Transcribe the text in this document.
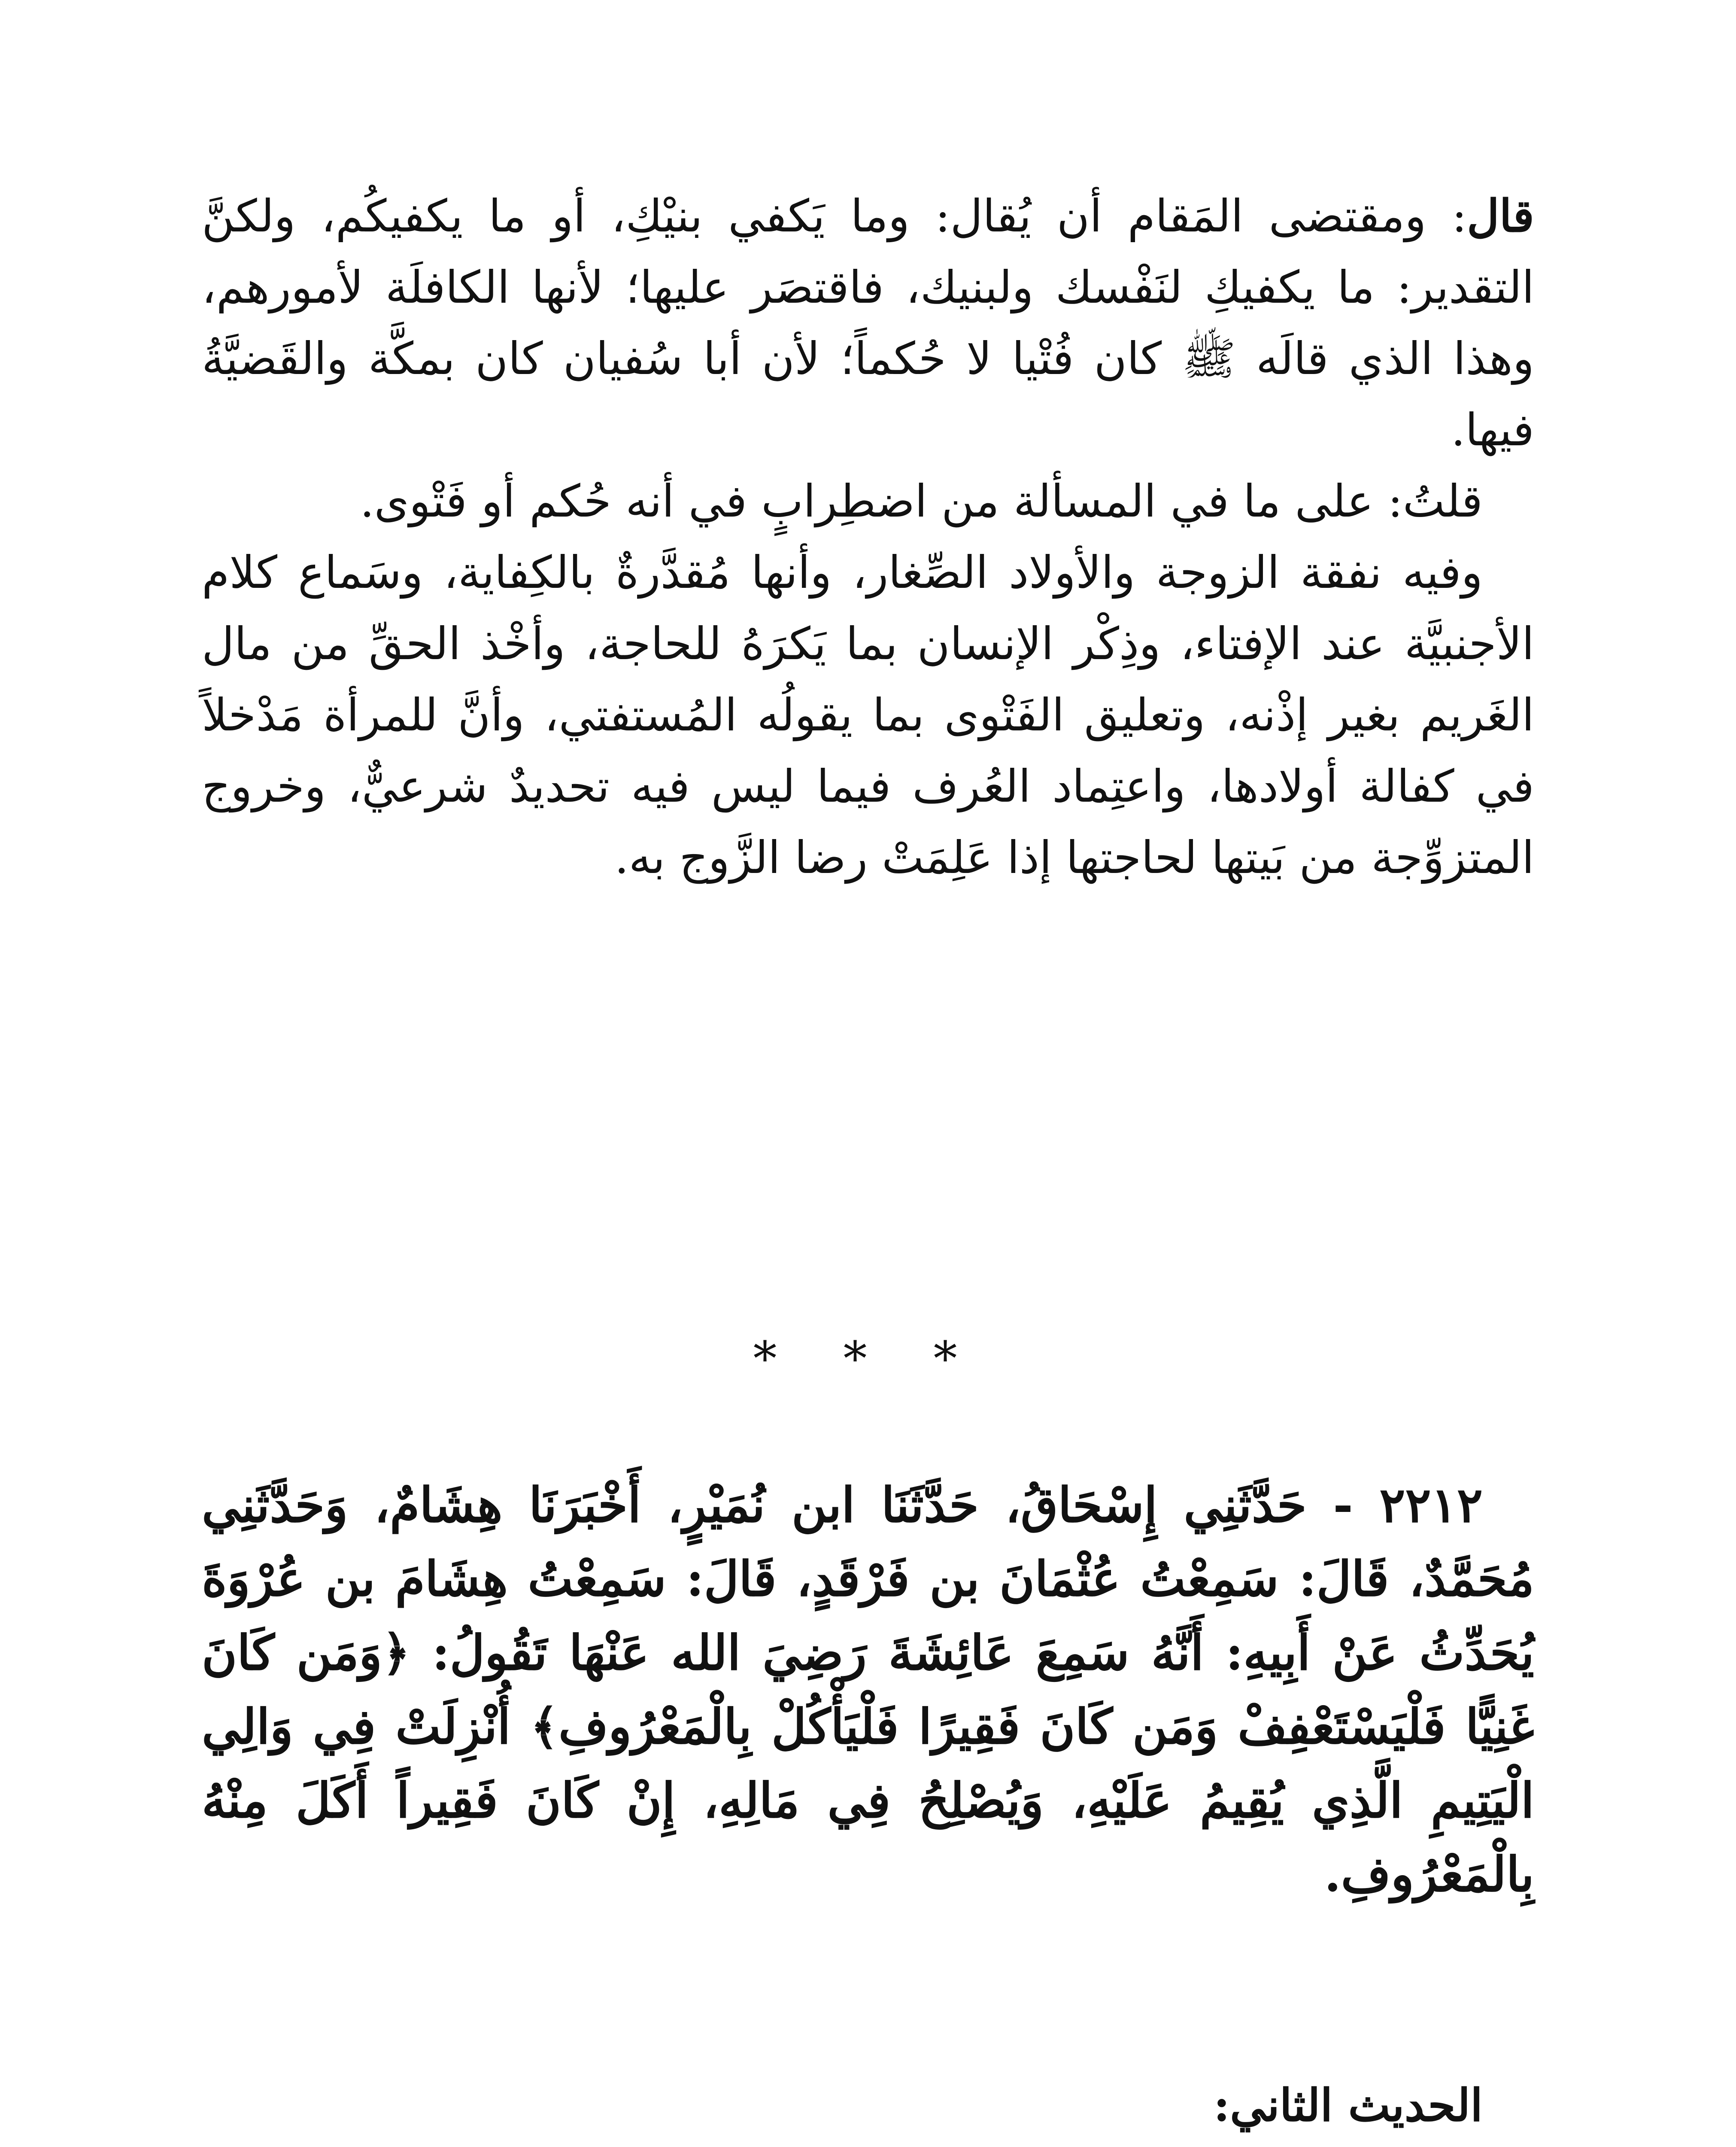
قال: ومقتضى المَقام أن يُقال: وما يَكفي بنيْكِ، أو ما يكفيكُم، ولكنَّ التقدير: ما يكفيكِ لنَفْسك ولبنيك، فاقتصَر عليها؛ لأنها الكافلَة لأمورهم، وهذا الذي قالَه ﷺ كان فُتْيا لا حُكماً؛ لأن أبا سُفيان كان بمكَّة والقَضيَّةُ فيها.

قلتُ: على ما في المسألة من اضطِرابٍ في أنه حُكم أو فَتْوى.

وفيه نفقة الزوجة والأولاد الصِّغار، وأنها مُقدَّرةٌ بالكِفاية، وسَماع كلام الأجنبيَّة عند الإفتاء، وذِكْر الإنسان بما يَكرَهُ للحاجة، وأخْذ الحقِّ من مال الغَريم بغير إذْنه، وتعليق الفَتْوى بما يقولُه المُستفتي، وأنَّ للمرأة مَدْخلاً في كفالة أولادها، واعتِماد العُرف فيما ليس فيه تحديدٌ شرعيٌّ، وخروج المتزوِّجة من بَيتها لحاجتها إذا عَلِمَتْ رضا الزَّوج به.

* * *

٢٢١٢ - حَدَّثَنِي إِسْحَاقُ، حَدَّثَنَا ابن نُمَيْرٍ، أَخْبَرَنَا هِشَامٌ، وَحَدَّثَنِي مُحَمَّدٌ، قَالَ: سَمِعْتُ عُثْمَانَ بن فَرْقَدٍ، قَالَ: سَمِعْتُ هِشَامَ بن عُرْوَةَ يُحَدِّثُ عَنْ أَبِيهِ: أَنَّهُ سَمِعَ عَائِشَةَ رَضِيَ الله عَنْهَا تَقُولُ: ﴿وَمَن كَانَ غَنِيًّا فَلْيَسْتَعْفِفْ وَمَن كَانَ فَقِيرًا فَلْيَأْكُلْ بِالْمَعْرُوفِ﴾ أُنْزِلَتْ فِي وَالِي الْيَتِيمِ الَّذِي يُقِيمُ عَلَيْهِ، وَيُصْلِحُ فِي مَالِهِ، إِنْ كَانَ فَقِيراً أَكَلَ مِنْهُ بِالْمَعْرُوفِ.

الحديث الثاني:
